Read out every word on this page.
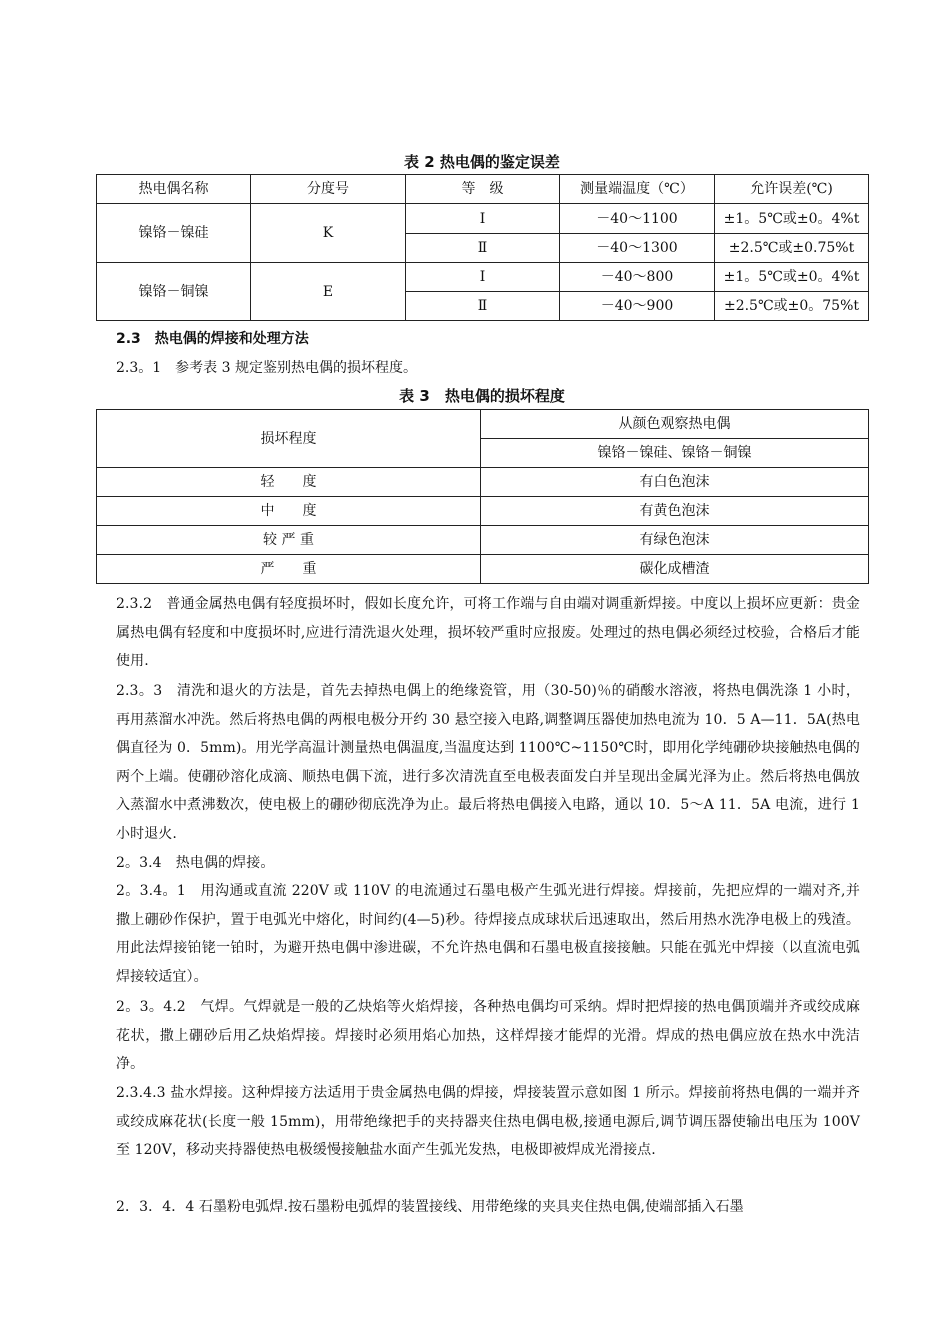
表 2 热电偶的鉴定误差
热电偶名称	分度号	等　级	测量端温度（℃）	允许误差(℃)
镍铬－镍硅	K	Ⅰ	－40～1100	±1。5℃或±0。4%t
		Ⅱ	－40～1300	±2.5℃或±0.75%t
镍铬－铜镍	E	Ⅰ	－40～800	±1。5℃或±0。4%t
		Ⅱ	－40～900	±2.5℃或±0。75%t
2.3　热电偶的焊接和处理方法
2.3。1　参考表 3 规定鉴别热电偶的损坏程度。
表 3　热电偶的损坏程度
损坏程度	从颜色观察热电偶
	镍铬－镍硅、镍铬－铜镍
轻　　度	有白色泡沫
中　　度	有黄色泡沫
较 严 重	有绿色泡沫
严　　重	碳化成槽渣
2.3.2　普通金属热电偶有轻度损坏时，假如长度允许，可将工作端与自由端对调重新焊接。中度以上损坏应更新：贵金属热电偶有轻度和中度损坏时,应进行清洗退火处理，损坏较严重时应报废。处理过的热电偶必须经过校验，合格后才能使用.
2.3。3　清洗和退火的方法是，首先去掉热电偶上的绝缘瓷管，用（30-50)％的硝酸水溶液，将热电偶洗涤 1 小时，再用蒸溜水冲洗。然后将热电偶的两根电极分开约 30 悬空接入电路,调整调压器使加热电流为 10．5 A—11．5A(热电偶直径为 0．5mm)。用光学高温计测量热电偶温度,当温度达到 1100℃~1150℃时，即用化学纯硼砂块接触热电偶的两个上端。使硼砂溶化成滴、顺热电偶下流，进行多次清洗直至电极表面发白并呈现出金属光泽为止。然后将热电偶放入蒸溜水中煮沸数次，使电极上的硼砂彻底洗净为止。最后将热电偶接入电路，通以 10．5～A 11．5A 电流，进行 1 小时退火.
2。3.4　热电偶的焊接。
2。3.4。1　用沟通或直流 220V 或 110V 的电流通过石墨电极产生弧光进行焊接。焊接前，先把应焊的一端对齐,并撒上硼砂作保护，置于电弧光中熔化，时间约(4—5)秒。待焊接点成球状后迅速取出，然后用热水洗净电极上的残渣。用此法焊接铂铑一铂时，为避开热电偶中渗进碳，不允许热电偶和石墨电极直接接触。只能在弧光中焊接（以直流电弧焊接较适宜）。
2。3。4.2　气焊。气焊就是一般的乙炔焰等火焰焊接，各种热电偶均可采纳。焊时把焊接的热电偶顶端并齐或绞成麻花状，撒上硼砂后用乙炔焰焊接。焊接时必须用焰心加热，这样焊接才能焊的光滑。焊成的热电偶应放在热水中洗洁净。
2.3.4.3 盐水焊接。这种焊接方法适用于贵金属热电偶的焊接，焊接装置示意如图 1 所示。焊接前将热电偶的一端并齐或绞成麻花状(长度一般 15mm)，用带绝缘把手的夹持器夹住热电偶电极,接通电源后,调节调压器使输出电压为 100V 至 120V，移动夹持器使热电极缓慢接触盐水面产生弧光发热，电极即被焊成光滑接点.
2．3．4．4 石墨粉电弧焊.按石墨粉电弧焊的装置接线、用带绝缘的夹具夹住热电偶,使端部插入石墨
